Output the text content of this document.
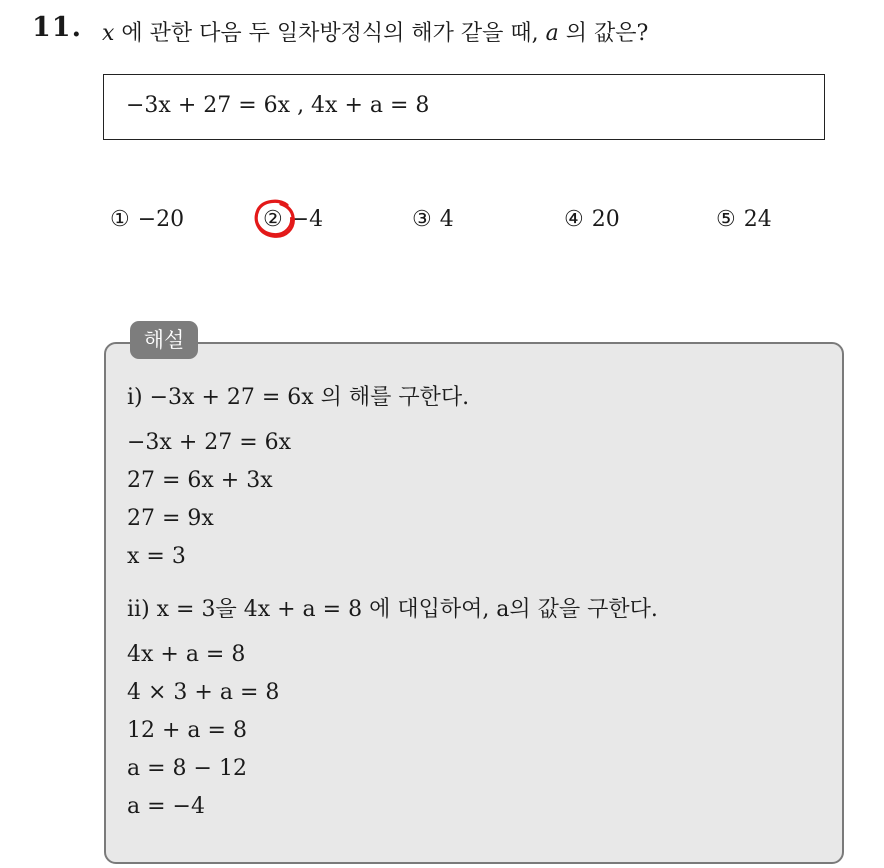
11. x 에 관한 다음 두 일차방정식의 해가 같을 때, a 의 값은?
−3x + 27 = 6x , 4x + a = 8
① −20	② −4	③ 4	④ 20	⑤ 24
해설
i) −3x + 27 = 6x 의 해를 구한다.
−3x + 27 = 6x
27 = 6x + 3x
27 = 9x
x = 3
ii) x = 3을 4x + a = 8 에 대입하여, a의 값을 구한다.
4x + a = 8
4 × 3 + a = 8
12 + a = 8
a = 8 − 12
a = −4
